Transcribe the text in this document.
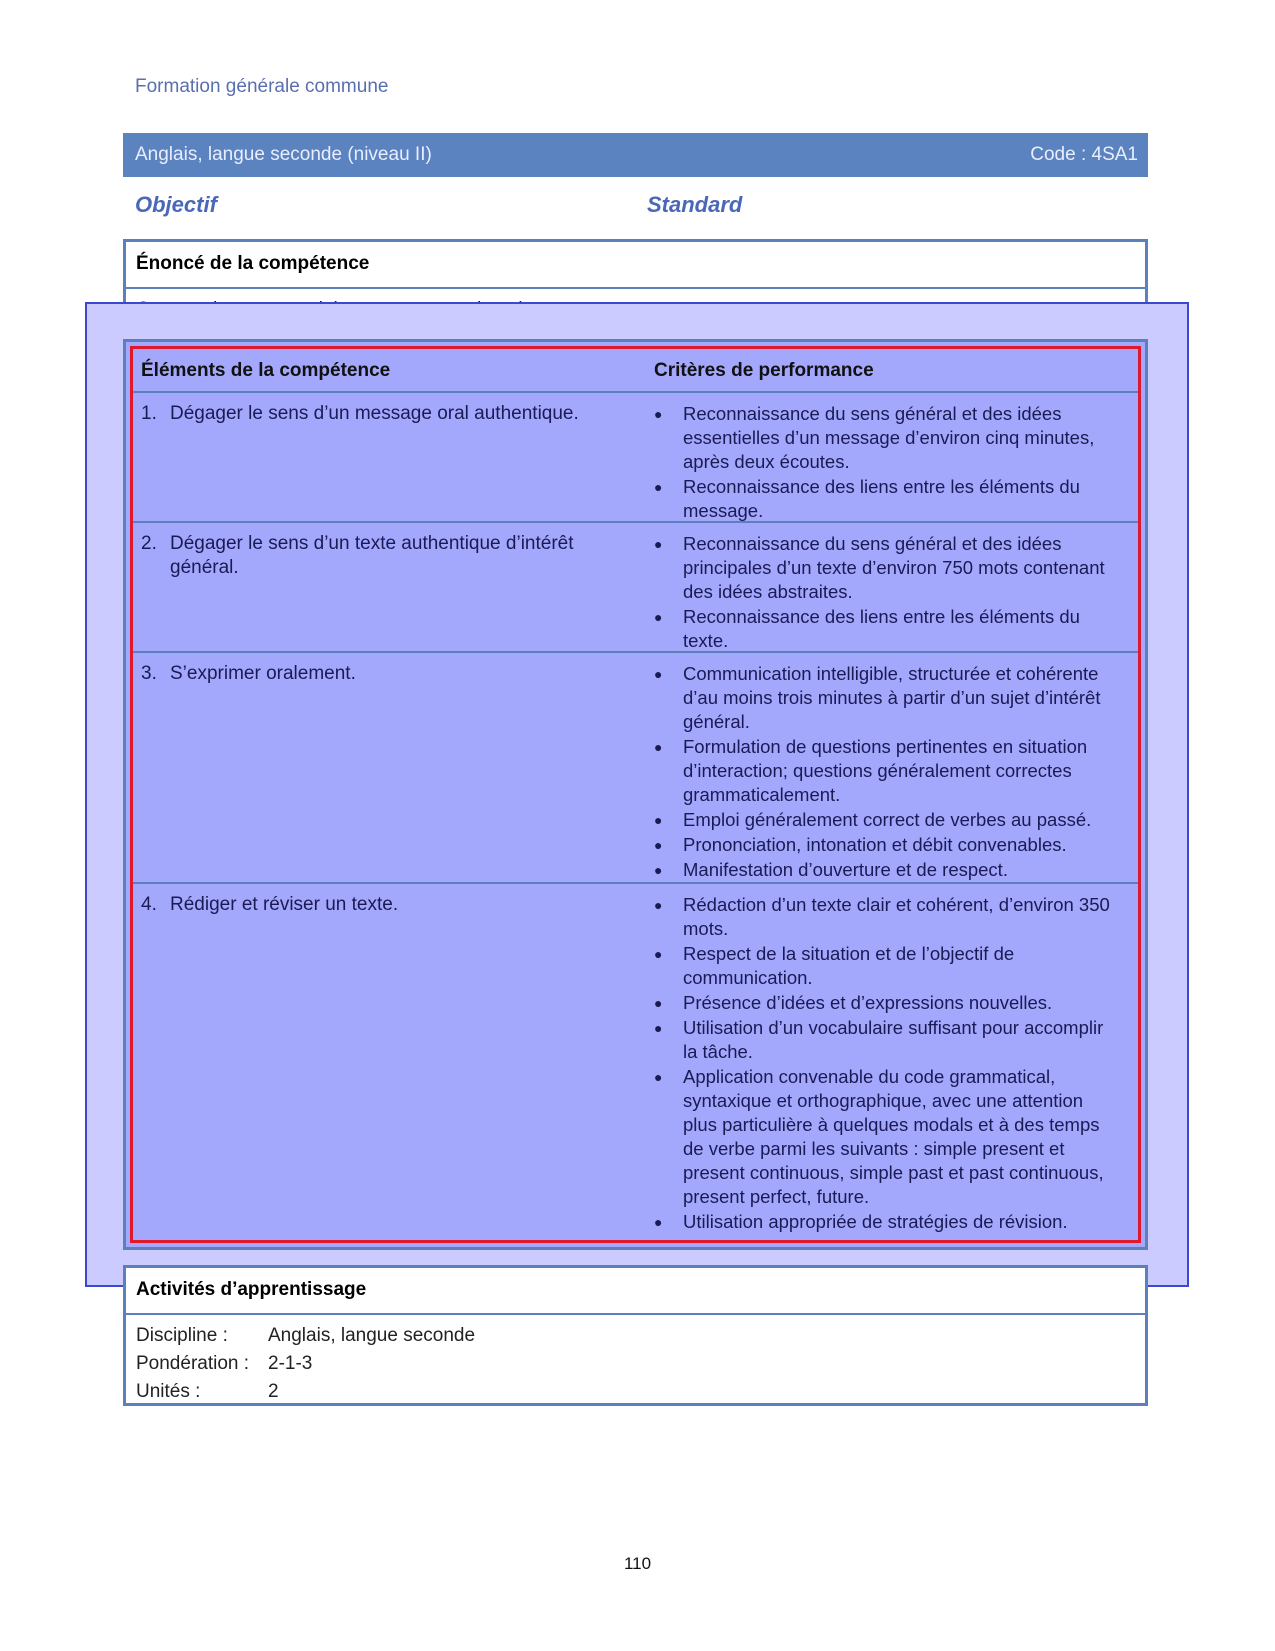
Formation générale commune
Anglais, langue seconde (niveau II)	Code : 4SA1
Objectif	Standard
Énoncé de la compétence
Éléments de la compétence	Critères de performance
1. Dégager le sens d’un message oral authentique.	●	Reconnaissance du sens général et des idées essentielles d’un message d’environ cinq minutes, après deux écoutes.
●	Reconnaissance des liens entre les éléments du message.
2. Dégager le sens d’un texte authentique d’intérêt général.
●	Reconnaissance du sens général et des idées principales d’un texte d’environ 750 mots contenant des idées abstraites.
●	Reconnaissance des liens entre les éléments du texte.
3. S’exprimer oralement.	●	Communication intelligible, structurée et cohérente d’au moins trois minutes à partir d’un sujet d’intérêt général.
●	Formulation de questions pertinentes en situation d’interaction; questions généralement correctes grammaticalement.
●	Emploi généralement correct de verbes au passé.
●	Prononciation, intonation et débit convenables.
●	Manifestation d’ouverture et de respect.
4. Rédiger et réviser un texte.	●	Rédaction d’un texte clair et cohérent, d’environ 350 mots.
●	Respect de la situation et de l’objectif de communication.
●	Présence d’idées et d’expressions nouvelles.
●	Utilisation d’un vocabulaire suffisant pour accomplir la tâche.
●	Application convenable du code grammatical, syntaxique et orthographique, avec une attention plus particulière à quelques modals et à des temps de verbe parmi les suivants : simple present et present continuous, simple past et past continuous, present perfect, future.
●	Utilisation appropriée de stratégies de révision.
Activités d’apprentissage
Discipline : Anglais, langue seconde
Pondération : 2-1-3
Unités :	2
110
